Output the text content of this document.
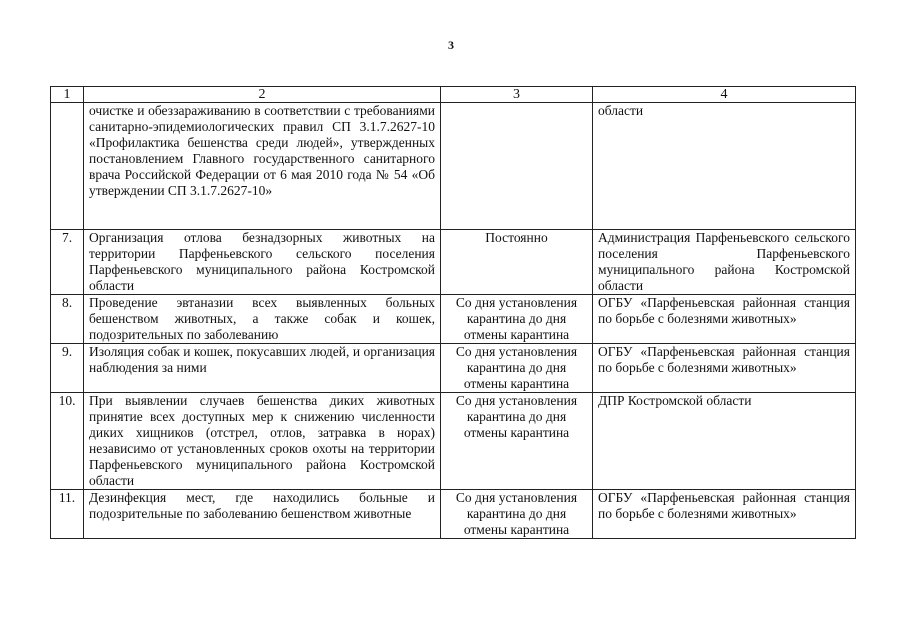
3
1	2	3	4
	очистке и обеззараживанию в соответствии с требованиями санитарно-эпидемиологических правил СП 3.1.7.2627-10 «Профилактика бешенства среди людей», утвержденных постановлением Главного государственного санитарного врача Российской Федерации от 6 мая 2010 года № 54 «Об утверждении СП 3.1.7.2627-10»		области
7.	Организация отлова безнадзорных животных на территории Парфеньевского сельского поселения Парфеньевского муниципального района Костромской области	Постоянно	Администрация Парфеньевского сельского поселения Парфеньевского муниципального района Костромской области
8.	Проведение эвтаназии всех выявленных больных бешенством животных, а также собак и кошек, подозрительных по заболеванию	Со дня установления карантина до дня отмены карантина	ОГБУ «Парфеньевская районная станция по борьбе с болезнями животных»
9.	Изоляция собак и кошек, покусавших людей, и организация наблюдения за ними	Со дня установления карантина до дня отмены карантина	ОГБУ «Парфеньевская районная станция по борьбе с болезнями животных»
10.	При выявлении случаев бешенства диких животных принятие всех доступных мер к снижению численности диких хищников (отстрел, отлов, затравка в норах) независимо от установленных сроков охоты на территории Парфеньевского муниципального района Костромской области	Со дня установления карантина до дня отмены карантина	ДПР Костромской области
11.	Дезинфекция мест, где находились больные и подозрительные по заболеванию бешенством животные	Со дня установления карантина до дня отмены карантина	ОГБУ «Парфеньевская районная станция по борьбе с болезнями животных»
